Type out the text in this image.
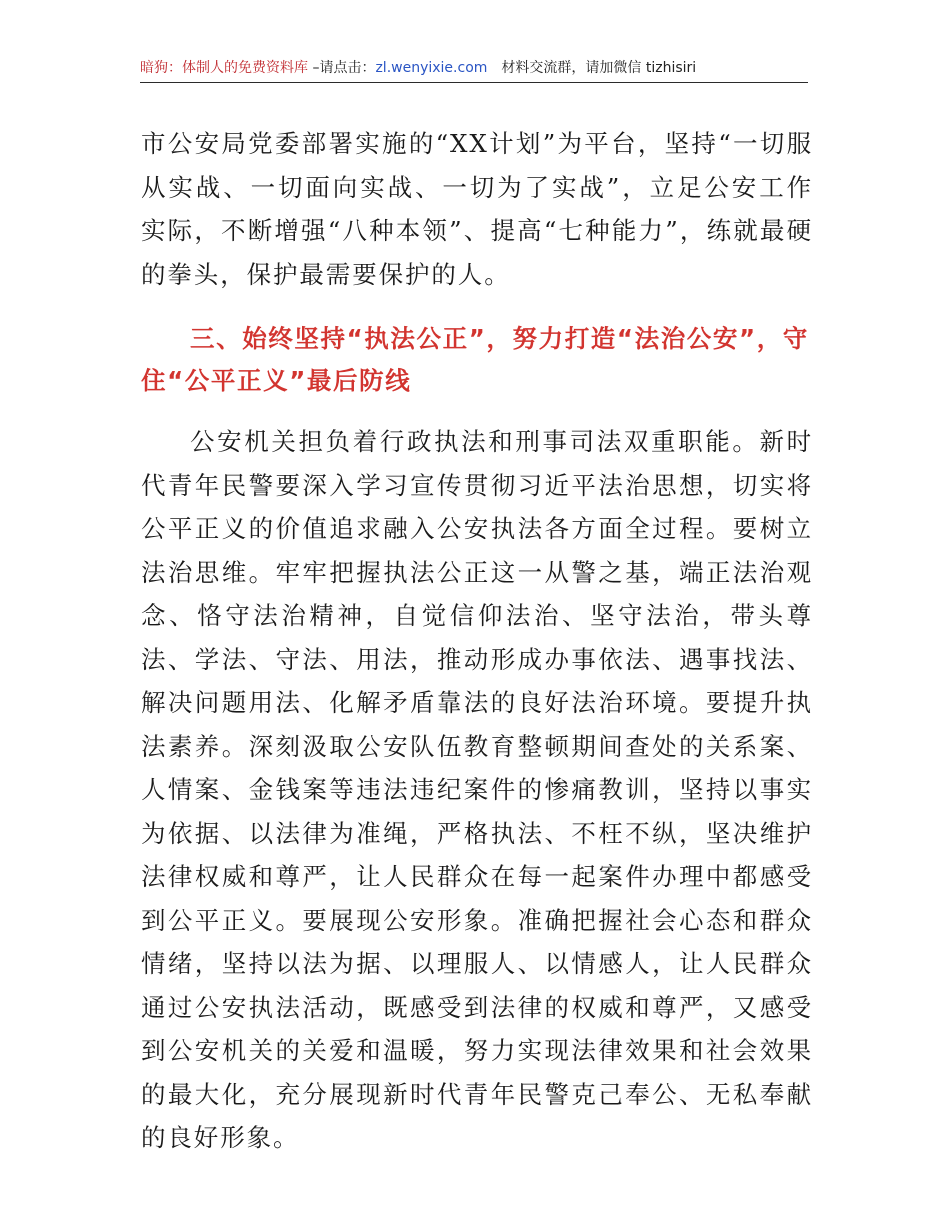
暗狗：体制人的免费资料库 –请点击：zl.wenyixie.com 材料交流群，请加微信 tizhisiri

市公安局党委部署实施的“XX计划”为平台，坚持“一切服从实战、一切面向实战、一切为了实战”，立足公安工作实际，不断增强“八种本领”、提高“七种能力”，练就最硬的拳头，保护最需要保护的人。

三、始终坚持“执法公正”，努力打造“法治公安”，守住“公平正义”最后防线

公安机关担负着行政执法和刑事司法双重职能。新时代青年民警要深入学习宣传贯彻习近平法治思想，切实将公平正义的价值追求融入公安执法各方面全过程。要树立法治思维。牢牢把握执法公正这一从警之基，端正法治观念、恪守法治精神，自觉信仰法治、坚守法治，带头尊法、学法、守法、用法，推动形成办事依法、遇事找法、解决问题用法、化解矛盾靠法的良好法治环境。要提升执法素养。深刻汲取公安队伍教育整顿期间查处的关系案、人情案、金钱案等违法违纪案件的惨痛教训，坚持以事实为依据、以法律为准绳，严格执法、不枉不纵，坚决维护法律权威和尊严，让人民群众在每一起案件办理中都感受到公平正义。要展现公安形象。准确把握社会心态和群众情绪，坚持以法为据、以理服人、以情感人，让人民群众通过公安执法活动，既感受到法律的权威和尊严，又感受到公安机关的关爱和温暖，努力实现法律效果和社会效果的最大化，充分展现新时代青年民警克己奉公、无私奉献的良好形象。
